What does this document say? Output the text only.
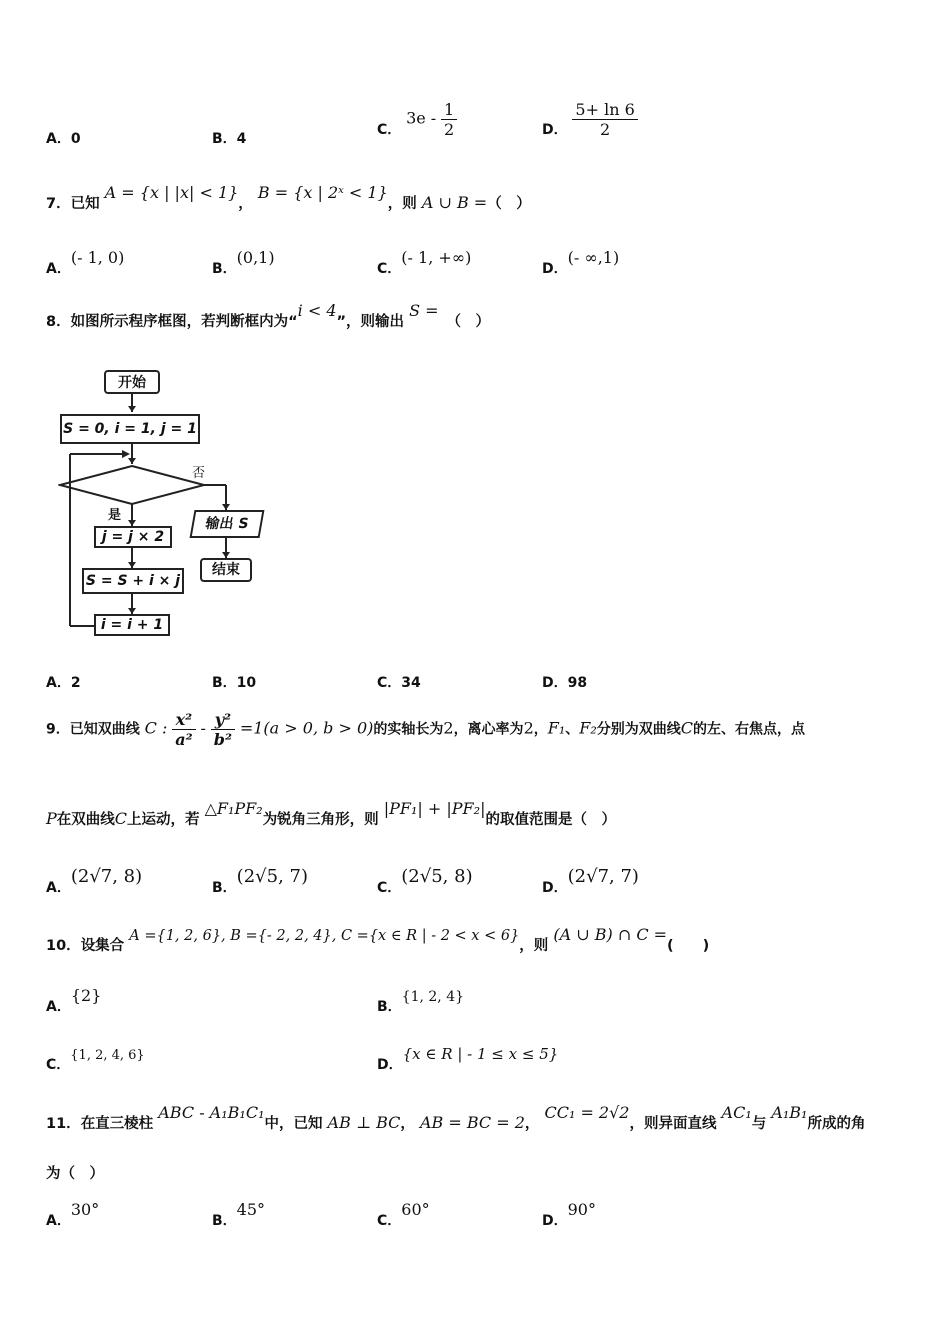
A．0	B．4
C． $3e - \frac{1}{2}$	D． $\frac{5+ \ln 6}{2}$
7．已知 A = {x | |x| < 1}， B = {x | 2ˣ < 1}，则 A ∪ B =（　）
A．(- 1, 0)
B．(0,1)
C．(- 1, +∞)
D．(- ∞,1)
8．如图所示程序框图，若判断框内为“i < 4”，则输出 S =（　）
开始
S = 0, i = 1, j = 1
否
是
j = j × 2
S = S + i × j
i = i + 1
输出 S
结束
A．2	B．10	C．34	D．98
9．已知双曲线 C : $\frac{\text{x²}}{\text{a²}} - \frac{\text{y²}}{\text{b²}} =1(a > 0$, b > 0)的实轴长为2，离心率为2，F₁、F₂分别为双曲线C的左、右焦点，点
P在双曲线C上运动，若 △F₁PF₂为锐角三角形，则 |PF₁| + |PF₂|的取值范围是（　）
A．(2√7, 8)
B．(2√5, 7)
C．(2√5, 8)
D．(2√7, 7)
10．设集合 A ={1, 2, 6}, B ={- 2, 2, 4}, C ={x ∈ R | - 2 < x < 6}，则 (A ∪ B) ∩ C =(　　)
A．{2}
B．{1, 2, 4}
C．{1, 2, 4, 6}
D．{x ∈ R | - 1 ≤ x ≤ 5}
11．在直三棱柱 ABC - A₁B₁C₁中，已知 AB ⊥ BC， AB = BC = 2， CC₁ = 2√2，则异面直线 AC₁与 A₁B₁所成的角
为（　）
A．30°
B．45°
C．60°
D．90°
